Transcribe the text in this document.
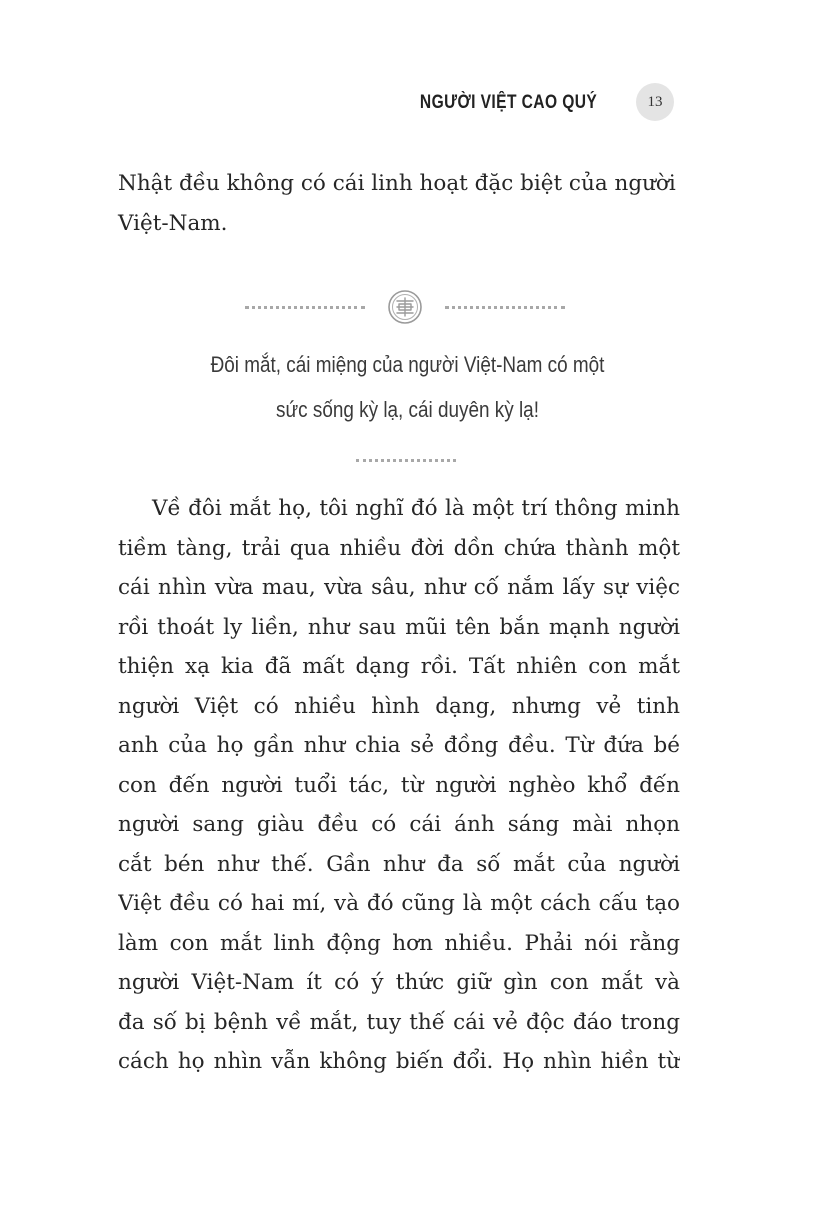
NGƯỜI VIỆT CAO QUÝ	13
Nhật đều không có cái linh hoạt đặc biệt của người
Việt-Nam.
Đôi mắt, cái miệng của người Việt-Nam có một
sức sống kỳ lạ, cái duyên kỳ lạ!
Về đôi mắt họ, tôi nghĩ đó là một trí thông minh
tiềm tàng, trải qua nhiều đời dồn chứa thành một
cái nhìn vừa mau, vừa sâu, như cố nắm lấy sự việc
rồi thoát ly liền, như sau mũi tên bắn mạnh người
thiện xạ kia đã mất dạng rồi. Tất nhiên con mắt
người Việt có nhiều hình dạng, nhưng vẻ tinh
anh của họ gần như chia sẻ đồng đều. Từ đứa bé
con đến người tuổi tác, từ người nghèo khổ đến
người sang giàu đều có cái ánh sáng mài nhọn
cắt bén như thế. Gần như đa số mắt của người
Việt đều có hai mí, và đó cũng là một cách cấu tạo
làm con mắt linh động hơn nhiều. Phải nói rằng
người Việt-Nam ít có ý thức giữ gìn con mắt và
đa số bị bệnh về mắt, tuy thế cái vẻ độc đáo trong
cách họ nhìn vẫn không biến đổi. Họ nhìn hiền từ
